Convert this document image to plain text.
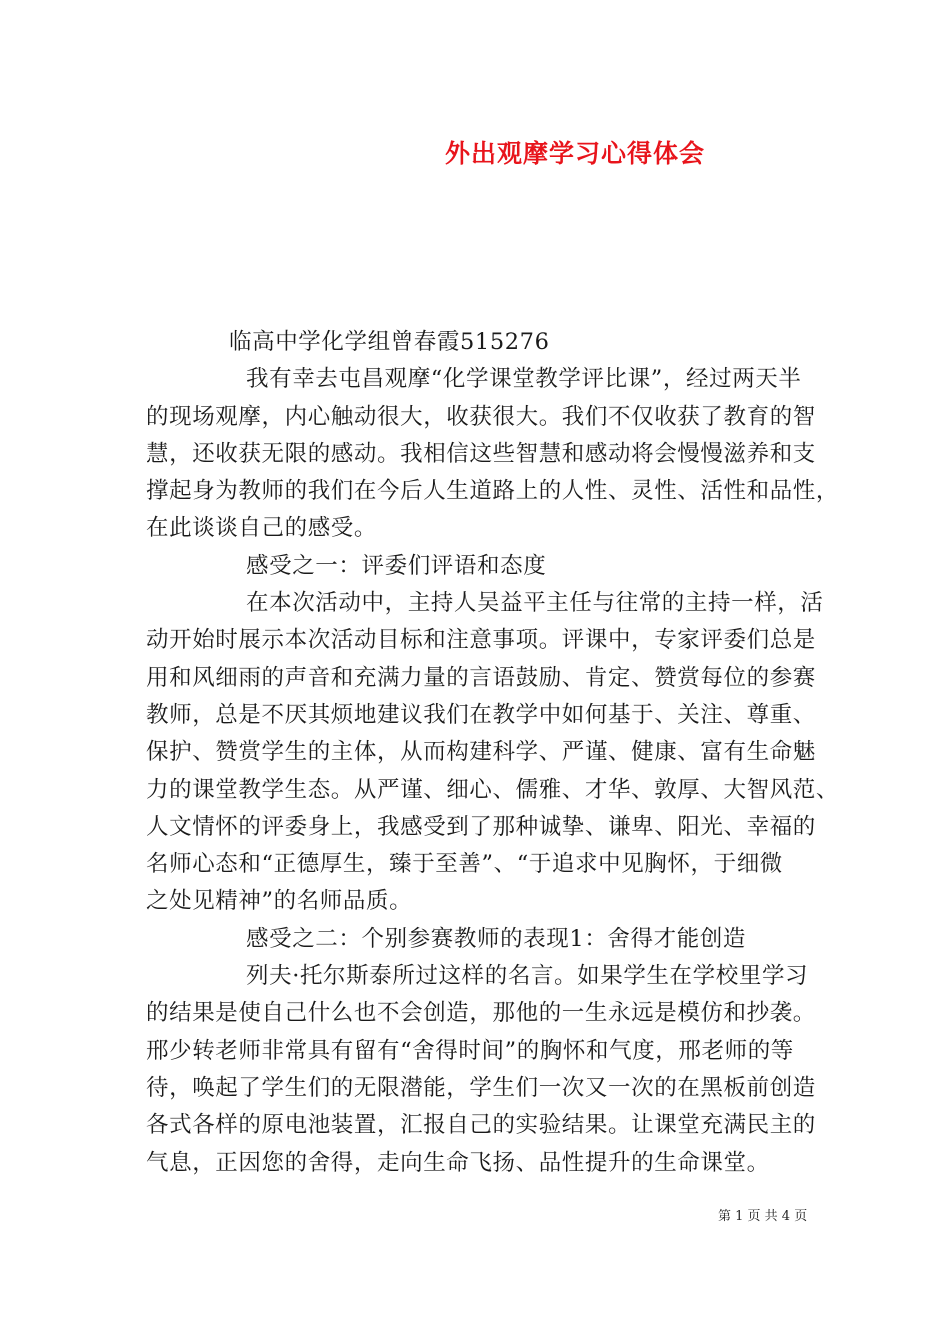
外出观摩学习心得体会
临高中学化学组曾春霞515276
我有幸去屯昌观摩“化学课堂教学评比课”，经过两天半
的现场观摩，内心触动很大，收获很大。我们不仅收获了教育的智
慧，还收获无限的感动。我相信这些智慧和感动将会慢慢滋养和支
撑起身为教师的我们在今后人生道路上的人性、灵性、活性和品性，
在此谈谈自己的感受。
感受之一：评委们评语和态度
在本次活动中，主持人吴益平主任与往常的主持一样，活
动开始时展示本次活动目标和注意事项。评课中，专家评委们总是
用和风细雨的声音和充满力量的言语鼓励、肯定、赞赏每位的参赛
教师，总是不厌其烦地建议我们在教学中如何基于、关注、尊重、
保护、赞赏学生的主体，从而构建科学、严谨、健康、富有生命魅
力的课堂教学生态。从严谨、细心、儒雅、才华、敦厚、大智风范、
人文情怀的评委身上，我感受到了那种诚挚、谦卑、阳光、幸福的
名师心态和“正德厚生，臻于至善”、“于追求中见胸怀，于细微
之处见精神”的名师品质。
感受之二：个别参赛教师的表现1：舍得才能创造
列夫·托尔斯泰所过这样的名言。如果学生在学校里学习
的结果是使自己什么也不会创造，那他的一生永远是模仿和抄袭。
邢少转老师非常具有留有“舍得时间”的胸怀和气度，邢老师的等
待，唤起了学生们的无限潜能，学生们一次又一次的在黑板前创造
各式各样的原电池装置，汇报自己的实验结果。让课堂充满民主的
气息，正因您的舍得，走向生命飞扬、品性提升的生命课堂。
第 1 页 共 4 页
